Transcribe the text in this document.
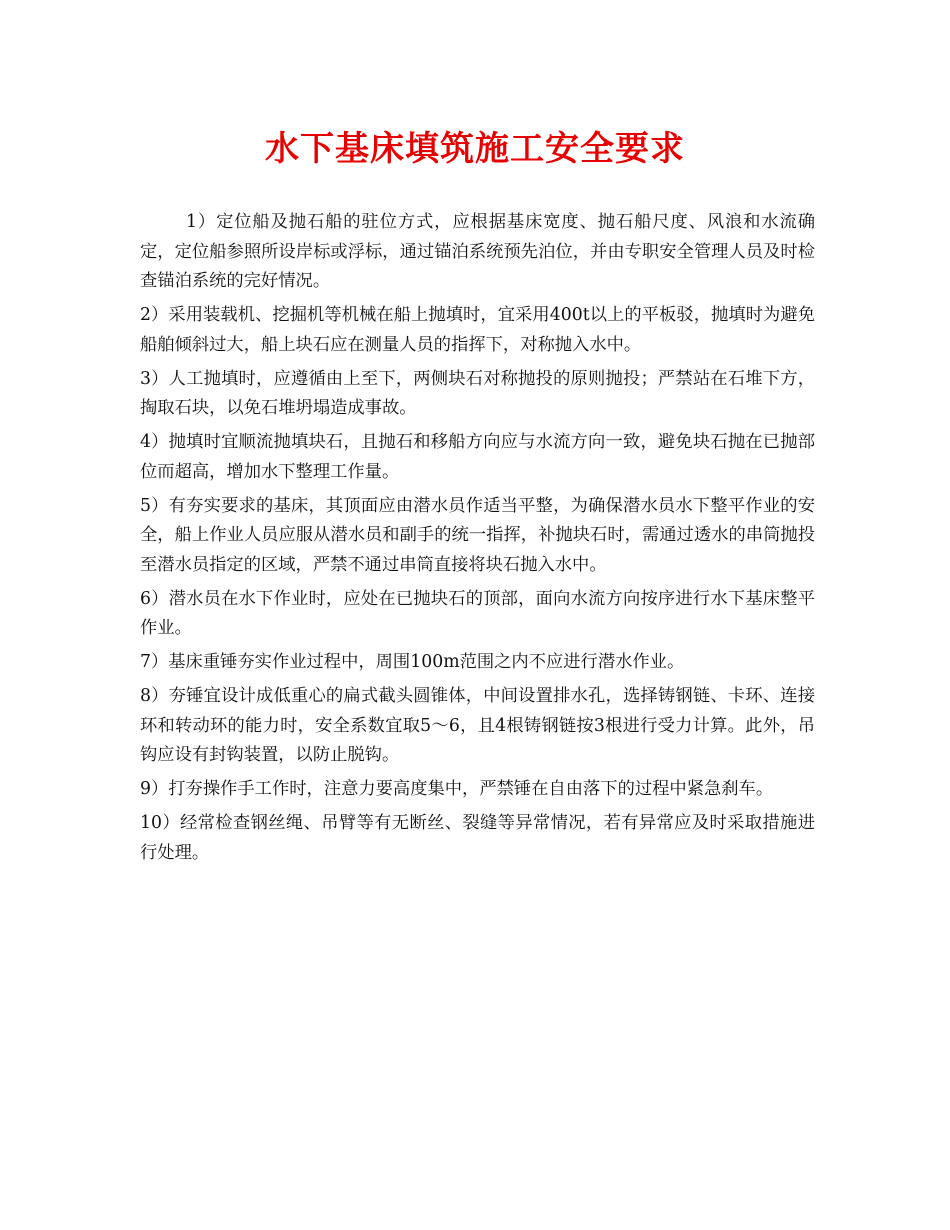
水下基床填筑施工安全要求

1）定位船及抛石船的驻位方式，应根据基床宽度、抛石船尺度、风浪和水流确定，定位船参照所设岸标或浮标，通过锚泊系统预先泊位，并由专职安全管理人员及时检查锚泊系统的完好情况。

2）采用装载机、挖掘机等机械在船上抛填时，宜采用400t以上的平板驳，抛填时为避免船舶倾斜过大，船上块石应在测量人员的指挥下，对称抛入水中。

3）人工抛填时，应遵循由上至下，两侧块石对称抛投的原则抛投；严禁站在石堆下方，掏取石块，以免石堆坍塌造成事故。

4）抛填时宜顺流抛填块石，且抛石和移船方向应与水流方向一致，避免块石抛在已抛部位而超高，增加水下整理工作量。

5）有夯实要求的基床，其顶面应由潜水员作适当平整，为确保潜水员水下整平作业的安全，船上作业人员应服从潜水员和副手的统一指挥，补抛块石时，需通过透水的串筒抛投至潜水员指定的区域，严禁不通过串筒直接将块石抛入水中。

6）潜水员在水下作业时，应处在已抛块石的顶部，面向水流方向按序进行水下基床整平作业。

7）基床重锤夯实作业过程中，周围100m范围之内不应进行潜水作业。

8）夯锤宜设计成低重心的扁式截头圆锥体，中间设置排水孔，选择铸钢链、卡环、连接环和转动环的能力时，安全系数宜取5～6，且4根铸钢链按3根进行受力计算。此外，吊钩应设有封钩装置，以防止脱钩。

9）打夯操作手工作时，注意力要高度集中，严禁锤在自由落下的过程中紧急刹车。

10）经常检查钢丝绳、吊臂等有无断丝、裂缝等异常情况，若有异常应及时采取措施进行处理。
